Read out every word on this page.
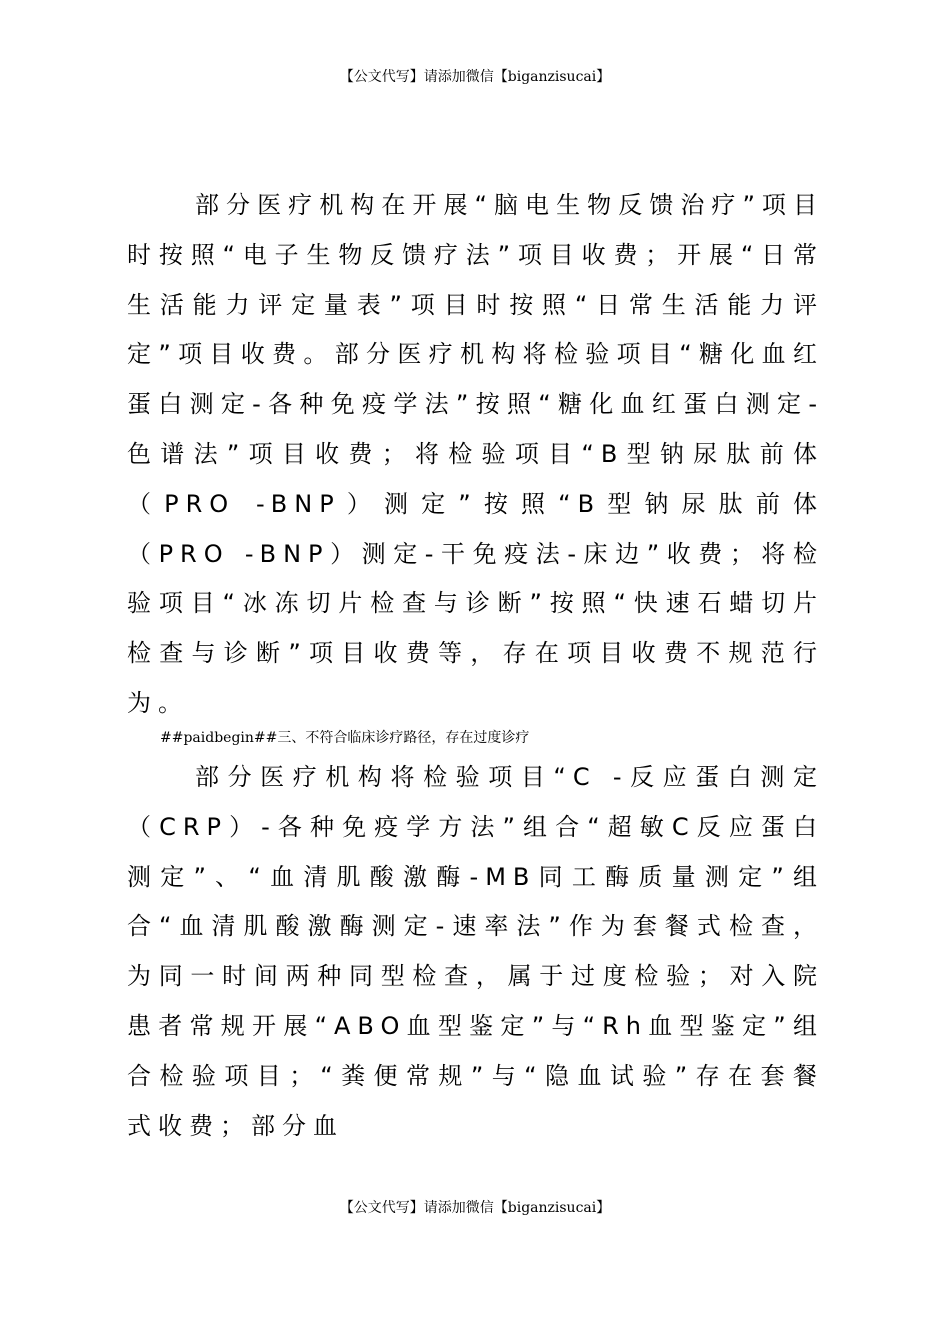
【公文代写】请添加微信【biganzisucai】

部分医疗机构在开展“脑电生物反馈治疗”项目时按照“电子生物反馈疗法”项目收费；开展“日常生活能力评定量表”项目时按照“日常生活能力评定”项目收费。部分医疗机构将检验项目“糖化血红蛋白测定-各种免疫学法”按照“糖化血红蛋白测定-色谱法”项目收费；将检验项目“B型钠尿肽前体（PRO -BNP）测定”按照“B型钠尿肽前体（PRO -BNP）测定-干免疫法-床边”收费；将检验项目“冰冻切片检查与诊断”按照“快速石蜡切片检查与诊断”项目收费等，存在项目收费不规范行为。

##paidbegin##三、不符合临床诊疗路径，存在过度诊疗

部分医疗机构将检验项目“C -反应蛋白测定（CRP）-各种免疫学方法”组合“超敏C反应蛋白测定”、“血清肌酸激酶-MB同工酶质量测定”组合“血清肌酸激酶测定-速率法”作为套餐式检查，为同一时间两种同型检查，属于过度检验；对入院患者常规开展“ABO血型鉴定”与“Rh血型鉴定”组合检验项目；“粪便常规”与“隐血试验”存在套餐式收费；部分血

【公文代写】请添加微信【biganzisucai】
